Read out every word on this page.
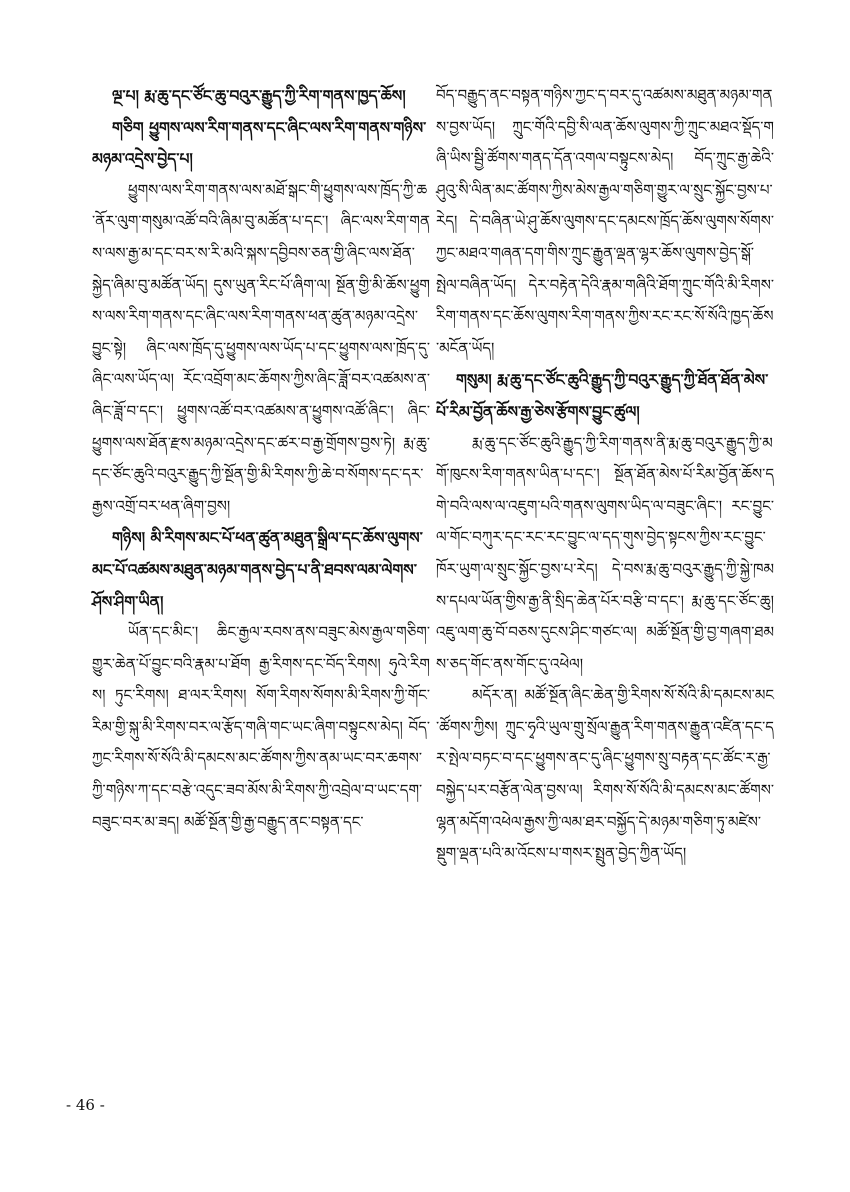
ལྔ་པ། རྨ་ཆུ་དང་ཙོང་ཆུ་བའུར་རྒྱུད་ཀྱི་རིག་གནས་ཁྱད་ཆོས།

གཅིག ཕྱུགས་ལས་རིག་གནས་དང་ཞིང་ལས་རིག་གནས་གཉིས་མཉམ་འདྲེས་བྱེད་པ།

ཕྱུགས་ལས་རིག་གནས་ལས་མཐོ་སྒང་གི་ཕྱུགས་ལས་ཁྲོད་ཀྱི་ཆ་ནོར་ལུག་གསུམ་འཚོ་བའི་ཞིམ་བུ་མཚོན་པ་དང་། ཞིང་ལས་རིག་གནས་ལས་རྒྱ་མ་དང་བར་ས་རི་མའི་སྐས་དབྱིབས་ཅན་གྱི་ཞིང་ལས་ཐོན་སྐྱེད་ཞིམ་བུ་མཚོན་ཡོད། དུས་ཡུན་རིང་པོ་ཞིག་ལ། སྔོན་གྱི་མི་ཆོས་ཕྱུགས་ལས་རིག་གནས་དང་ཞིང་ལས་རིག་གནས་ཕན་ཚུན་མཉམ་འདྲེས་བྱུང་སྟེ། ཞིང་ལས་ཁྲོད་དུ་ཕྱུགས་ལས་ཡོད་པ་དང་ཕྱུགས་ལས་ཁྲོད་དུ་ཞིང་ལས་ཡོད་ལ། རོང་འབྲོག་མང་ཆོགས་ཀྱིས་ཞིང་ཟློ་བར་འཚམས་ན་ཞིང་ཟློ་བ་དང་། ཕྱུགས་འཚོ་བར་འཚམས་ན་ཕྱུགས་འཚོ་ཞིང་། ཞིང་ཕྱུགས་ལས་ཐོན་རྫས་མཉམ་འདྲེས་དང་ཚར་བ་རྒྱ་གྲོགས་བྱས་ཏེ། རྨ་ཆུ་དང་ཙོང་ཆུའི་བའུར་རྒྱུད་ཀྱི་སྔོན་གྱི་མི་རིགས་ཀྱི་ཆེ་བ་སོགས་དང་དར་རྒྱས་འགྲོ་བར་ཕན་ཞིག་བྱས།

གཉིས། མི་རིགས་མང་པོ་ཕན་ཚུན་མཐུན་སྒྲིལ་དང་ཆོས་ལུགས་མང་པོ་འཚམས་མཐུན་མཉམ་གནས་བྱེད་པ་ནི་ཐབས་ལམ་ལེགས་ཤོས་ཤིག་ཡིན།

ཡོན་དང་མིང་། ཆིང་རྒྱལ་རབས་ནས་བཟུང་མེས་རྒྱལ་གཅིག་གྱུར་ཆེན་པོ་བྱུང་བའི་རྣམ་པ་ཐོག རྒྱ་རིགས་དང་བོད་རིགས། ཧུའེ་རིགས། ཏུང་རིགས། ཐ་ལར་རིགས། སོག་རིགས་སོགས་མི་རིགས་ཀྱི་གོང་རིམ་གྱི་སྐུ་མི་རིགས་བར་ལ་རྩོད་གཞི་གང་ཡང་ཞིག་བསྟུངས་མེད། བོད་ཀྱང་རིགས་སོ་སོའི་མི་དམངས་མང་ཚོགས་ཀྱིས་ནམ་ཡང་བར་ཆགས་ཀྱི་གཉིས་ཀ་དང་བརྩེ་འདུང་ཟབ་མོས་མི་རིགས་ཀྱི་འབྲེལ་བ་ཡང་དག་བཟུང་བར་མ་ཟད། མཚོ་སྔོན་གྱི་རྒྱ་བརྒྱུད་ནང་བསྟན་དང་

བོད་བརྒྱུད་ནང་བསྟན་གཉིས་ཀྱང་ད་བར་དུ་འཚམས་མཐུན་མཉམ་གནས་བྱས་ཡོད། ཀྲུང་གོའི་དབྱི་སི་ལན་ཆོས་ལུགས་ཀྱི་ཀྲུང་མཐའ་སྡོད་གཞི་ཡིས་སྦྱི་ཚོགས་གནད་དོན་འགལ་བསྟུངས་མེད། བོད་ཀྲུང་རྒྱ་ཆེའི་ཤུའུ་སི་ལིན་མང་ཚོགས་ཀྱིས་མེས་རྒྱལ་གཅིག་གྱུར་ལ་སྲུང་སྐྱོང་བྱས་པ་རེད། དེ་བཞིན་ཡེ་ཤུ་ཆོས་ལུགས་དང་དམངས་ཁྲོད་ཆོས་ལུགས་སོགས་ཀྱང་མཐའ་གཞན་དག་གིས་ཀྲུང་རྒྱུན་ལྡན་ལྷར་ཆོས་ལུགས་བྱེད་སྒོ་སྤེལ་བཞིན་ཡོད། དེར་བརྟེན་དེའི་རྣམ་གཞིའི་ཐོག་ཀྲུང་གོའི་མི་རིགས་རིག་གནས་དང་ཆོས་ལུགས་རིག་གནས་ཀྱིས་རང་རང་སོ་སོའི་ཁྱད་ཆོས་མངོན་ཡོད།

གསུམ། རྨ་ཆུ་དང་ཙོང་ཆུའི་རྒྱུད་ཀྱི་བའུར་རྒྱུད་ཀྱི་ཐོན་ཐོན་མེས་པོ་རིམ་བྱོན་ཆོས་རྒྱ་ཅེས་རྩོགས་བྱུང་ཚུལ།

རྨ་ཆུ་དང་ཙོང་ཆུའི་རྒྱུད་ཀྱི་རིག་གནས་ནི་རྨ་ཆུ་བའུར་རྒྱུད་ཀྱི་མགོ་ཁུངས་རིག་གནས་ཡིན་པ་དང་། སྔོན་ཐོན་མེས་པོ་རིམ་བྱོན་ཆོས་དགེ་བའི་ལས་ལ་འཇུག་པའི་གནས་ལུགས་ཡིད་ལ་བཟུང་ཞིང་། རང་བྱུང་ལ་གོང་བཀུར་དང་རང་རང་བྱུང་ལ་དད་གུས་བྱེད་སྟངས་ཀྱིས་རང་བྱུང་ཁོར་ཡུག་ལ་སྲུང་སྐྱོང་བྱས་པ་རེད། དེ་བས་རྨ་ཆུ་བའུར་རྒྱུད་ཀྱི་སྐྱེ་ཁམས་དཔལ་ཡོན་གྱིས་རྒྱ་ནི་སྲིད་ཆེན་པོར་བརྩི་བ་དང་། རྨ་ཆུ་དང་ཙོང་ཆུ། འཇུ་ལག་ཆུ་བོ་བཅས་དུངས་ཤིང་གཙང་ལ། མཚོ་སྔོན་གྱི་བྱ་གཞག་ཐམས་ཅད་གོང་ནས་གོང་དུ་འཕེལ།

མདོར་ན། མཚོ་སྔོན་ཞིང་ཆེན་གྱི་རིགས་སོ་སོའི་མི་དམངས་མང་ཚོགས་ཀྱིས། ཀྲུང་ཧྭའི་ཡུལ་གྲུ་སྲོལ་རྒྱུན་རིག་གནས་རྒྱུན་འཛིན་དང་དར་སྤེལ་བཏང་བ་དང་ཕྱུགས་ནང་དུ་ཞིང་ཕྱུགས་སྲུ་བརྟན་དང་ཚོང་ར་རྒྱ་བསྐྱེད་པར་བརྩོན་ལེན་བྱས་ལ། རིགས་སོ་སོའི་མི་དམངས་མང་ཚོགས་ལྷན་མདོག་འཕེལ་རྒྱས་ཀྱི་ལམ་ཐར་བསྐྱོད་དེ་མཉམ་གཅིག་ཏུ་མཛེས་སྡུག་ལྡན་པའི་མ་འོངས་པ་གསར་སྤྲུན་བྱེད་ཀྱིན་ཡོད།

- 46 -
